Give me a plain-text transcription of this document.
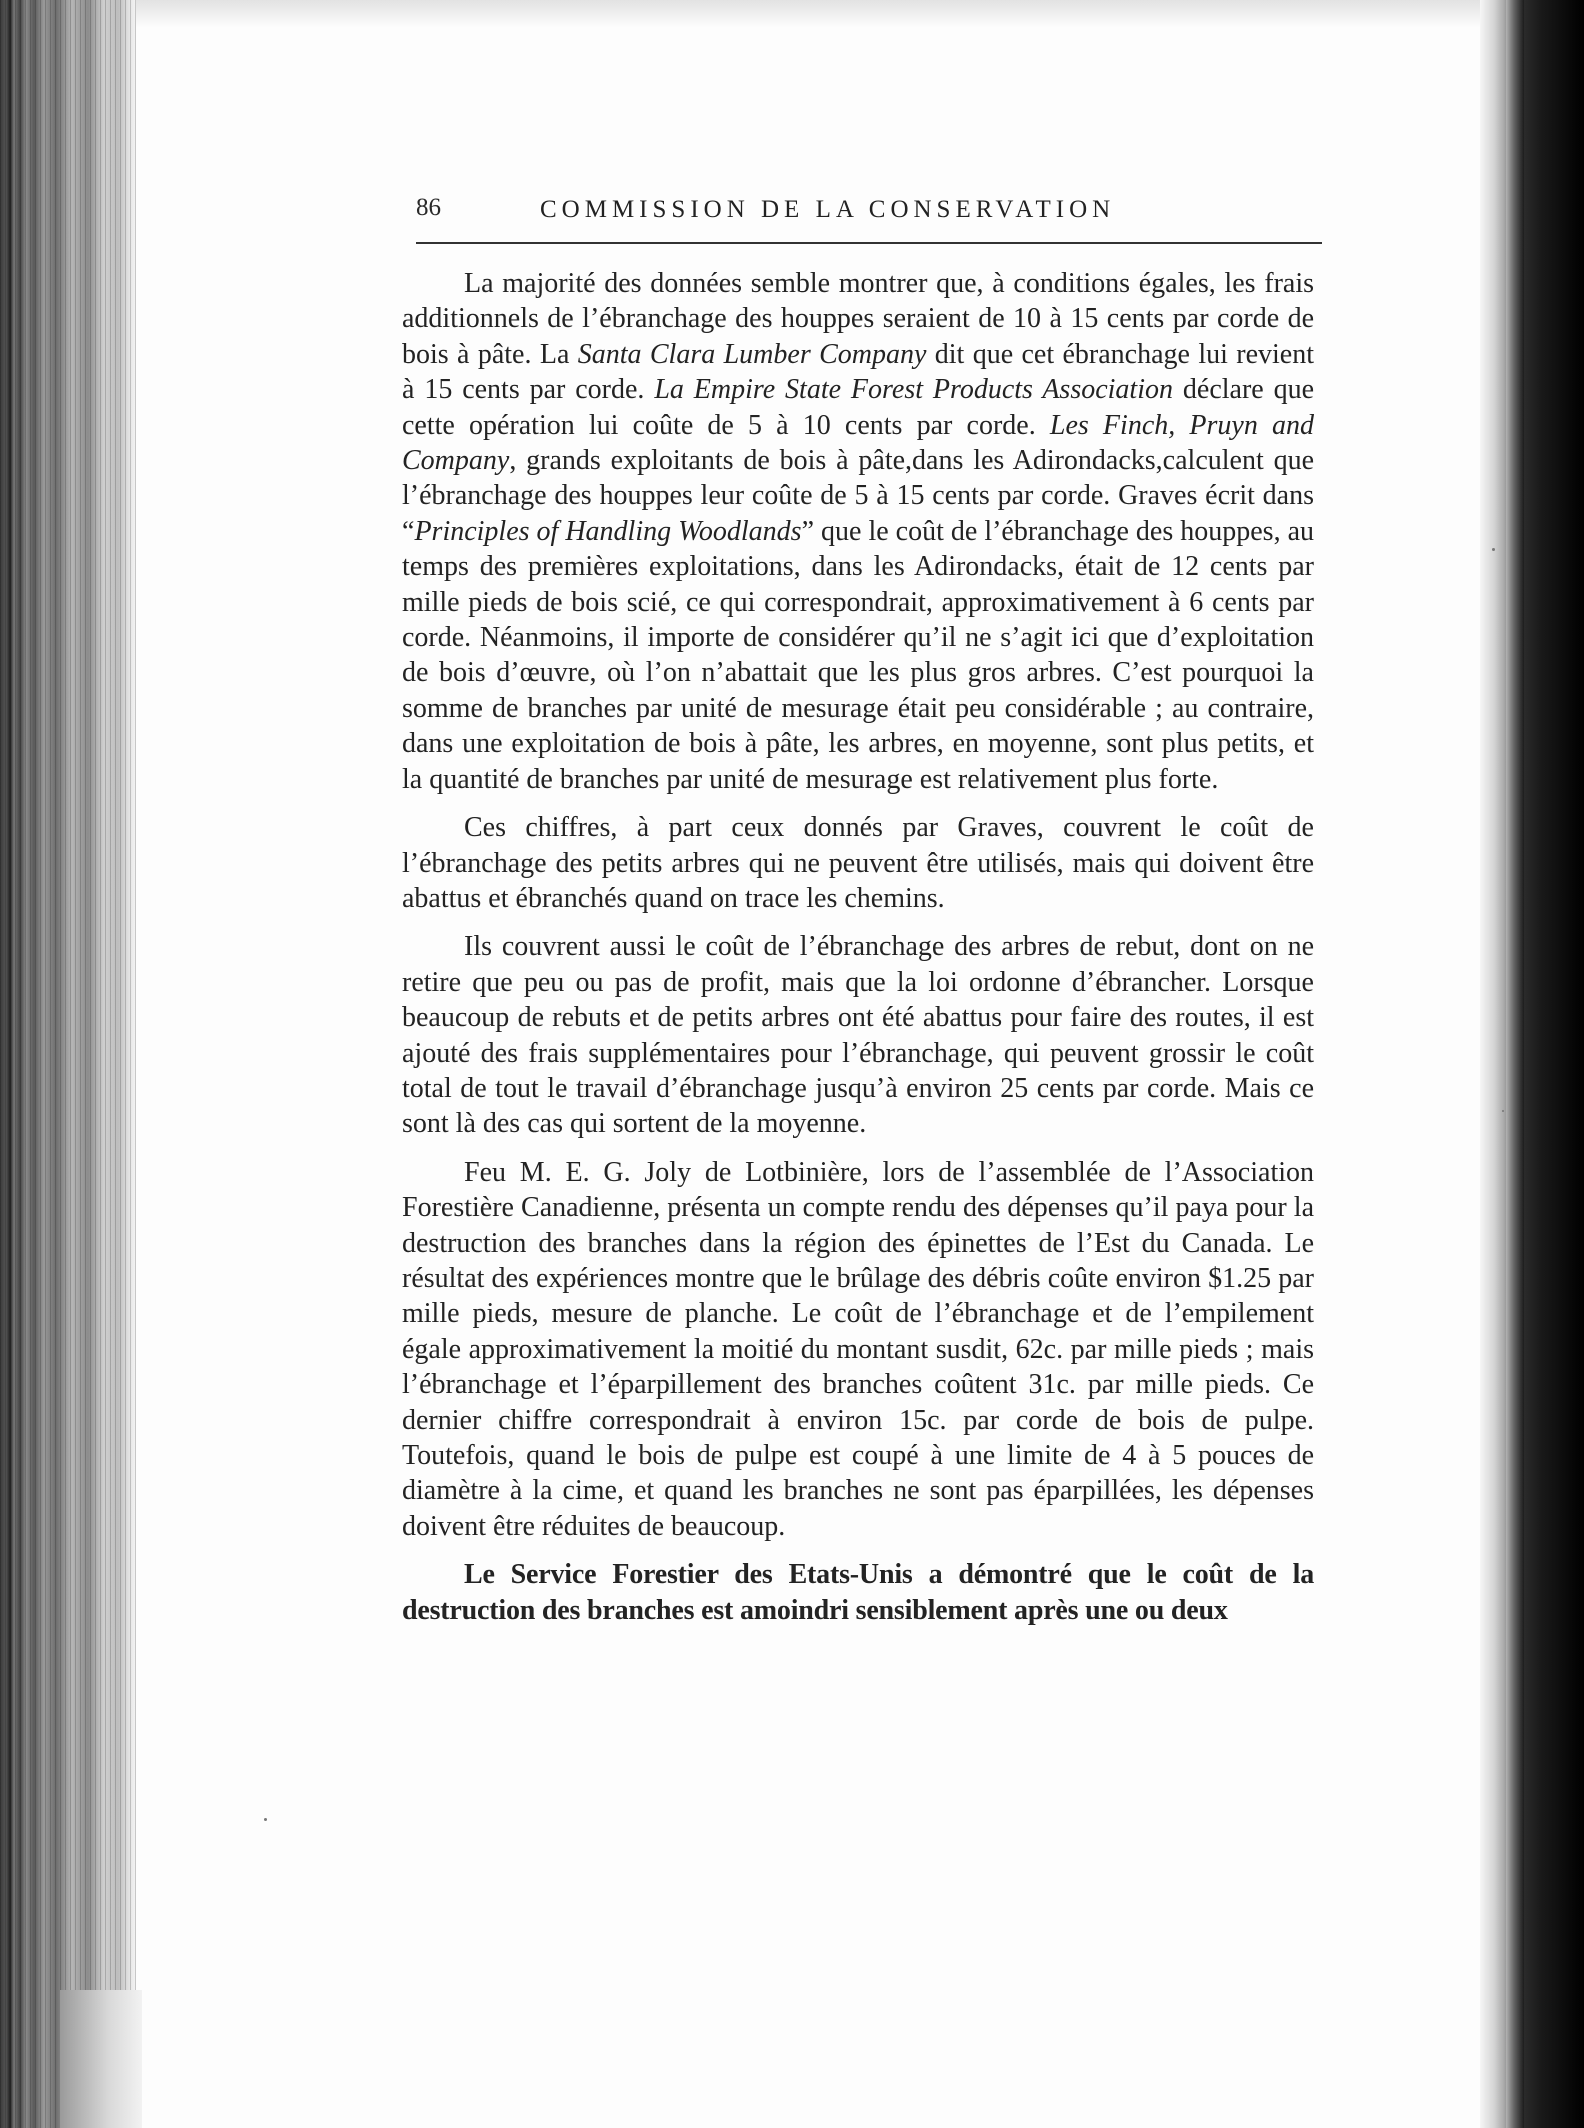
86	COMMISSION DE LA CONSERVATION

La majorité des données semble montrer que, à conditions égales, les frais additionnels de l’ébranchage des houppes seraient de 10 à 15 cents par corde de bois à pâte. La Santa Clara Lumber Company dit que cet ébranchage lui revient à 15 cents par corde. La Empire State Forest Products Association déclare que cette opération lui coûte de 5 à 10 cents par corde. Les Finch, Pruyn and Company, grands exploitants de bois à pâte,dans les Adirondacks,calculent que l’ébranchage des houppes leur coûte de 5 à 15 cents par corde. Graves écrit dans “Principles of Handling Woodlands” que le coût de l’ébranchage des houppes, au temps des premières exploitations, dans les Adirondacks, était de 12 cents par mille pieds de bois scié, ce qui correspondrait, approximativement à 6 cents par corde. Néanmoins, il importe de considérer qu’il ne s’agit ici que d’exploitation de bois d’œuvre, où l’on n’abattait que les plus gros arbres. C’est pourquoi la somme de branches par unité de mesurage était peu considérable ; au contraire, dans une exploitation de bois à pâte, les arbres, en moyenne, sont plus petits, et la quantité de branches par unité de mesurage est relativement plus forte.

Ces chiffres, à part ceux donnés par Graves, couvrent le coût de l’ébranchage des petits arbres qui ne peuvent être utilisés, mais qui doivent être abattus et ébranchés quand on trace les chemins.

Ils couvrent aussi le coût de l’ébranchage des arbres de rebut, dont on ne retire que peu ou pas de profit, mais que la loi ordonne d’ébrancher. Lorsque beaucoup de rebuts et de petits arbres ont été abattus pour faire des routes, il est ajouté des frais supplémentaires pour l’ébranchage, qui peuvent grossir le coût total de tout le travail d’ébranchage jusqu’à environ 25 cents par corde. Mais ce sont là des cas qui sortent de la moyenne.

Feu M. E. G. Joly de Lotbinière, lors de l’assemblée de l’Association Forestière Canadienne, présenta un compte rendu des dépenses qu’il paya pour la destruction des branches dans la région des épinettes de l’Est du Canada. Le résultat des expériences montre que le brûlage des débris coûte environ $1.25 par mille pieds, mesure de planche. Le coût de l’ébranchage et de l’empilement égale approximativement la moitié du montant susdit, 62c. par mille pieds ; mais l’ébranchage et l’éparpillement des branches coûtent 31c. par mille pieds. Ce dernier chiffre correspondrait à environ 15c. par corde de bois de pulpe. Toutefois, quand le bois de pulpe est coupé à une limite de 4 à 5 pouces de diamètre à la cime, et quand les branches ne sont pas éparpillées, les dépenses doivent être réduites de beaucoup.

Le Service Forestier des Etats-Unis a démontré que le coût de la destruction des branches est amoindri sensiblement après une ou deux
